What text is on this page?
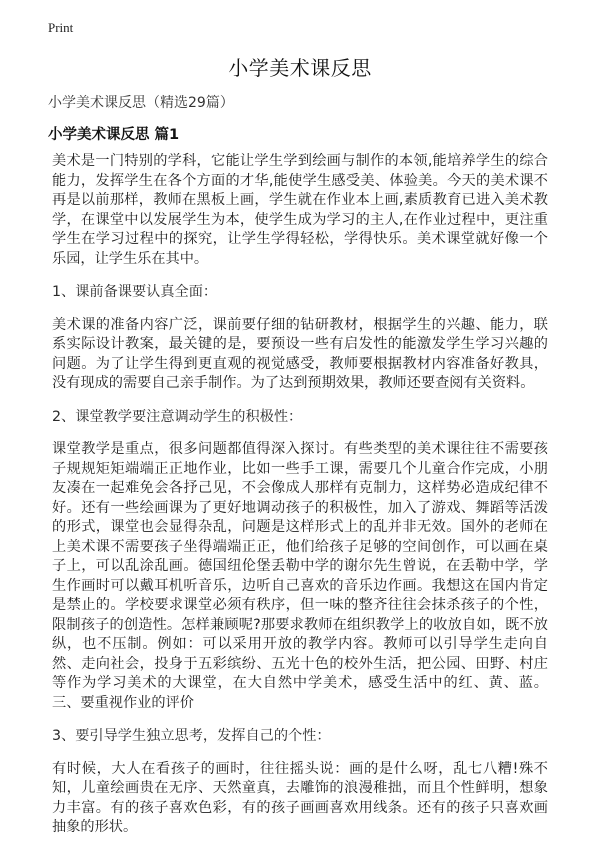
Print
小学美术课反思
小学美术课反思（精选29篇）
小学美术课反思 篇1

美术是一门特别的学科，它能让学生学到绘画与制作的本领,能培养学生的综合能力，发挥学生在各个方面的才华,能使学生感受美、体验美。今天的美术课不再是以前那样，教师在黑板上画，学生就在作业本上画,素质教育已进入美术教学，在课堂中以发展学生为本，使学生成为学习的主人,在作业过程中，更注重学生在学习过程中的探究，让学生学得轻松，学得快乐。美术课堂就好像一个乐园，让学生乐在其中。

1、课前备课要认真全面：

美术课的准备内容广泛，课前要仔细的钻研教材，根据学生的兴趣、能力，联系实际设计教案，最关键的是，要预设一些有启发性的能激发学生学习兴趣的问题。为了让学生得到更直观的视觉感受，教师要根据教材内容准备好教具，没有现成的需要自己亲手制作。为了达到预期效果，教师还要查阅有关资料。

2、课堂教学要注意调动学生的积极性：

课堂教学是重点，很多问题都值得深入探讨。有些类型的美术课往往不需要孩子规规矩矩端端正正地作业，比如一些手工课，需要几个儿童合作完成，小朋友凑在一起难免会各抒己见，不会像成人那样有克制力，这样势必造成纪律不好。还有一些绘画课为了更好地调动孩子的积极性，加入了游戏、舞蹈等活泼的形式，课堂也会显得杂乱，问题是这样形式上的乱并非无效。国外的老师在上美术课不需要孩子坐得端端正正，他们给孩子足够的空间创作，可以画在桌子上，可以乱涂乱画。德国纽伦堡丢勒中学的谢尔先生曾说，在丢勒中学，学生作画时可以戴耳机听音乐，边听自己喜欢的音乐边作画。我想这在国内肯定是禁止的。学校要求课堂必须有秩序，但一味的整齐往往会抹杀孩子的个性，限制孩子的创造性。怎样兼顾呢?那要求教师在组织教学上的收放自如，既不放纵，也不压制。例如：可以采用开放的教学内容。教师可以引导学生走向自然、走向社会，投身于五彩缤纷、五光十色的校外生活，把公园、田野、村庄等作为学习美术的大课堂，在大自然中学美术，感受生活中的红、黄、蓝。三、要重视作业的评价

3、要引导学生独立思考，发挥自己的个性：

有时候，大人在看孩子的画时，往往摇头说：画的是什么呀，乱七八糟!殊不知，儿童绘画贵在无序、天然童真，去雕饰的浪漫稚拙，而且个性鲜明，想象力丰富。有的孩子喜欢色彩，有的孩子画画喜欢用线条。还有的孩子只喜欢画抽象的形状。
